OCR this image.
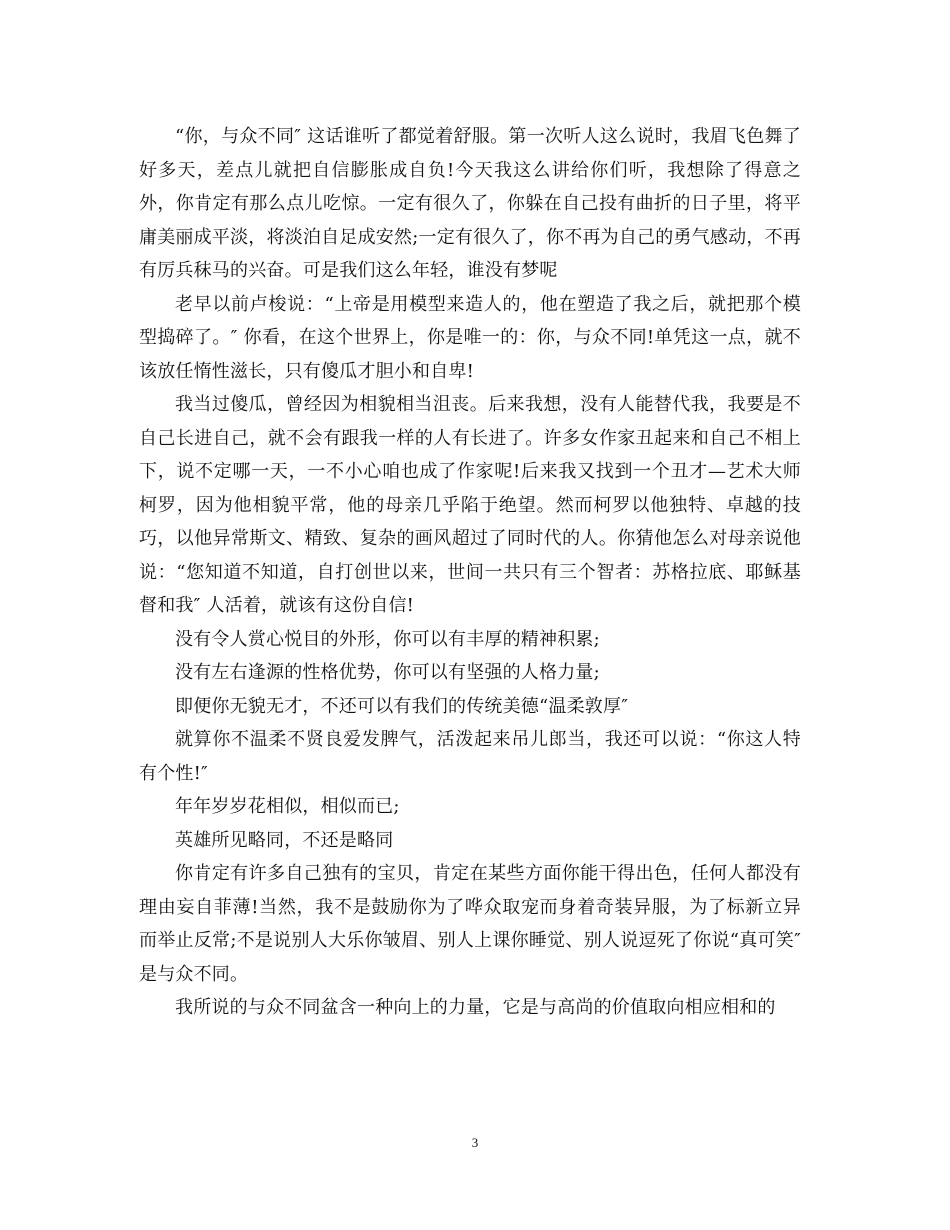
“你，与众不同″ 这话谁听了都觉着舒服。第一次听人这么说时，我眉飞色舞了好多天，差点儿就把自信膨胀成自负!今天我这么讲给你们听，我想除了得意之外，你肯定有那么点儿吃惊。一定有很久了，你躲在自己投有曲折的日子里，将平庸美丽成平淡，将淡泊自足成安然;一定有很久了，你不再为自己的勇气感动，不再有厉兵秣马的兴奋。可是我们这么年轻，谁没有梦呢

老早以前卢梭说：“上帝是用模型来造人的，他在塑造了我之后，就把那个模型捣碎了。″ 你看，在这个世界上，你是唯一的：你，与众不同!单凭这一点，就不该放任惰性滋长，只有傻瓜才胆小和自卑!

我当过傻瓜，曾经因为相貌相当沮丧。后来我想，没有人能替代我，我要是不自己长进自己，就不会有跟我一样的人有长进了。许多女作家丑起来和自己不相上下，说不定哪一天，一不小心咱也成了作家呢!后来我又找到一个丑才—艺术大师柯罗，因为他相貌平常，他的母亲几乎陷于绝望。然而柯罗以他独特、卓越的技巧，以他异常斯文、精致、复杂的画风超过了同时代的人。你猜他怎么对母亲说他说：“您知道不知道，自打创世以来，世间一共只有三个智者：苏格拉底、耶稣基督和我″ 人活着，就该有这份自信!

没有令人赏心悦目的外形，你可以有丰厚的精神积累;

没有左右逢源的性格优势，你可以有坚强的人格力量;

即便你无貌无才，不还可以有我们的传统美德“温柔敦厚″

就算你不温柔不贤良爱发脾气，活泼起来吊儿郎当，我还可以说：“你这人特有个性!″

年年岁岁花相似，相似而已;

英雄所见略同，不还是略同

你肯定有许多自己独有的宝贝，肯定在某些方面你能干得出色，任何人都没有理由妄自菲薄!当然，我不是鼓励你为了哗众取宠而身着奇装异服，为了标新立异而举止反常;不是说别人大乐你皱眉、别人上课你睡觉、别人说逗死了你说“真可笑″ 是与众不同。

我所说的与众不同盆含一种向上的力量，它是与高尚的价值取向相应相和的

3
